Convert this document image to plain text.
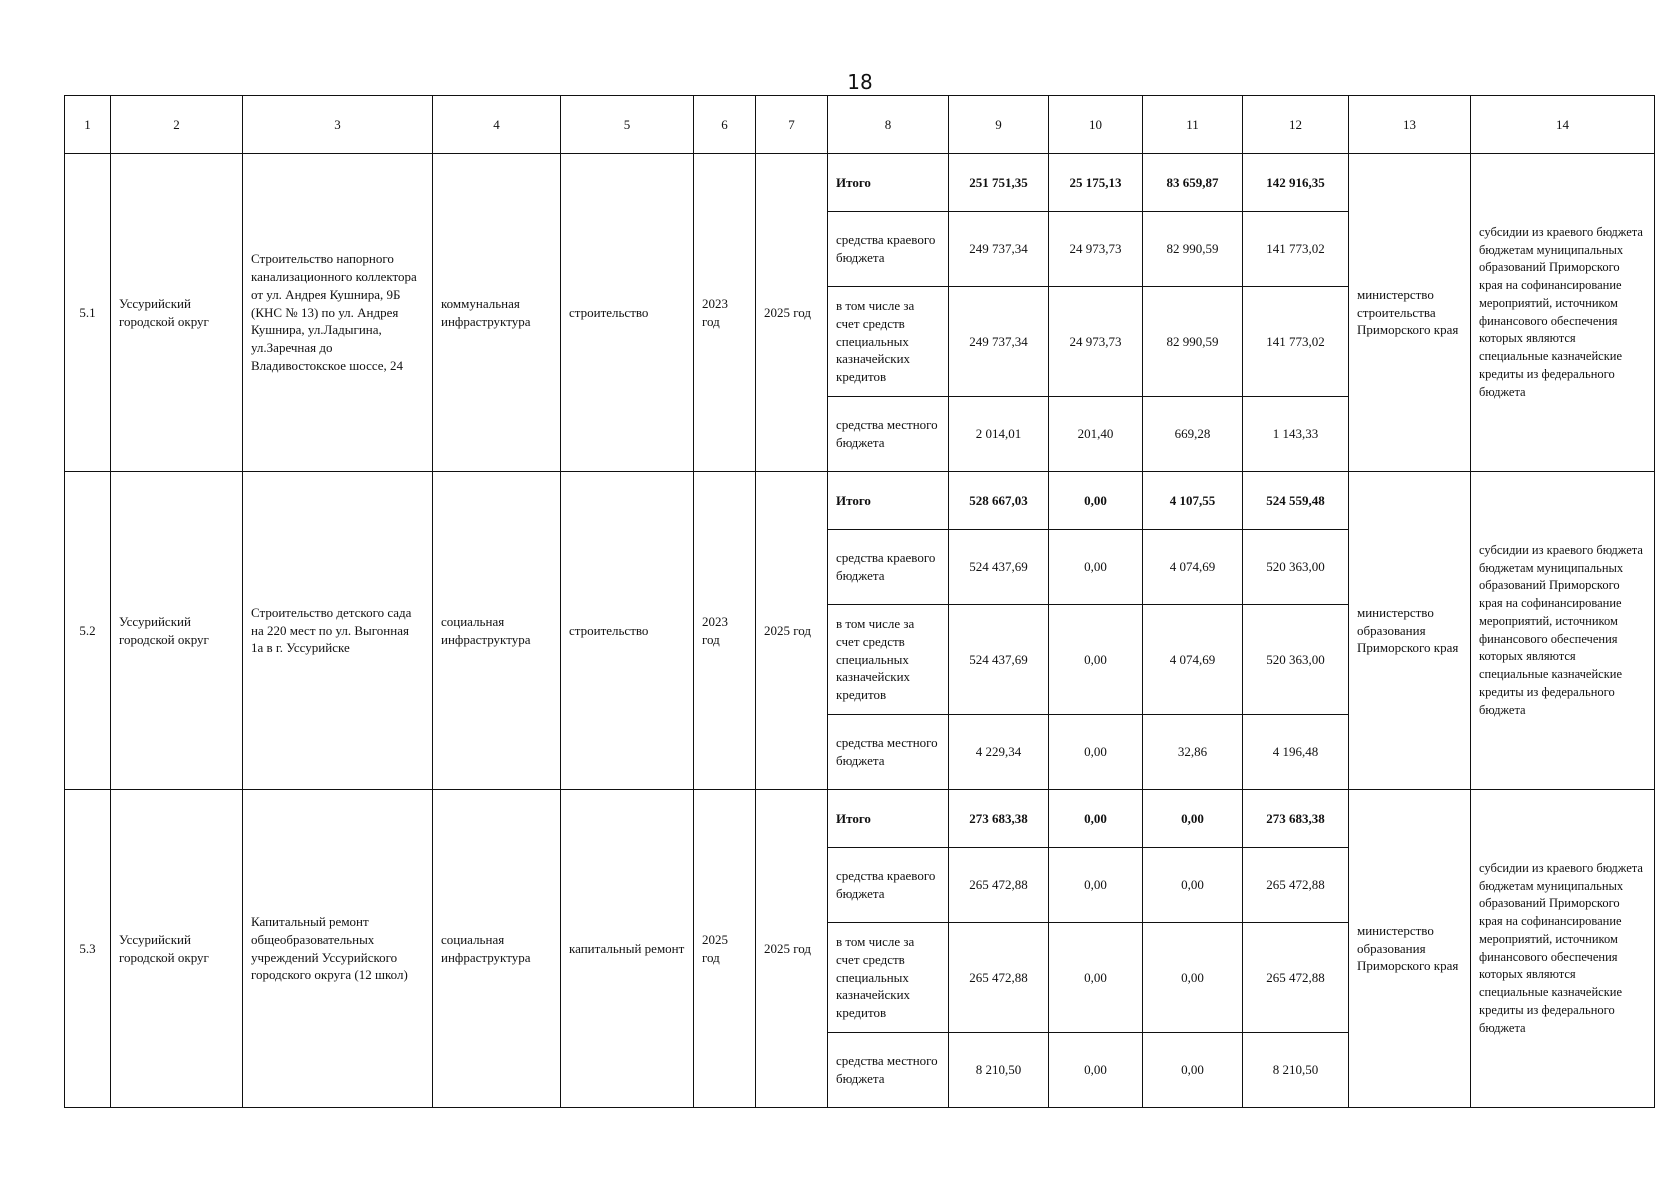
18
1	2	3	4	5	6	7	8	9	10	11	12	13	14
5.1	Уссурийский городской округ	Строительство напорного канализационного коллектора от ул. Андрея Кушнира, 9Б (КНС № 13) по ул. Андрея Кушнира, ул.Ладыгина, ул.Заречная до Владивостокское шоссе, 24	коммунальная инфраструктура	строительство	2023 год	2025 год	Итого	251 751,35	25 175,13	83 659,87	142 916,35	министерство строительства Приморского края	субсидии из краевого бюджета бюджетам муниципальных образований Приморского края на софинансирование мероприятий, источником финансового обеспечения которых являются специальные казначейские кредиты из федерального бюджета
							средства краевого бюджета	249 737,34	24 973,73	82 990,59	141 773,02		
							в том числе за счет средств специальных казначейских кредитов	249 737,34	24 973,73	82 990,59	141 773,02		
							средства местного бюджета	2 014,01	201,40	669,28	1 143,33		
5.2	Уссурийский городской округ	Строительство детского сада на 220 мест по ул. Выгонная 1а в г. Уссурийске	социальная инфраструктура	строительство	2023 год	2025 год	Итого	528 667,03	0,00	4 107,55	524 559,48	министерство образования Приморского края	субсидии из краевого бюджета бюджетам муниципальных образований Приморского края на софинансирование мероприятий, источником финансового обеспечения которых являются специальные казначейские кредиты из федерального бюджета
							средства краевого бюджета	524 437,69	0,00	4 074,69	520 363,00		
							в том числе за счет средств специальных казначейских кредитов	524 437,69	0,00	4 074,69	520 363,00		
							средства местного бюджета	4 229,34	0,00	32,86	4 196,48		
5.3	Уссурийский городской округ	Капитальный ремонт общеобразовательных учреждений Уссурийского городского округа (12 школ)	социальная инфраструктура	капитальный ремонт	2025 год	2025 год	Итого	273 683,38	0,00	0,00	273 683,38	министерство образования Приморского края	субсидии из краевого бюджета бюджетам муниципальных образований Приморского края на софинансирование мероприятий, источником финансового обеспечения которых являются специальные казначейские кредиты из федерального бюджета
							средства краевого бюджета	265 472,88	0,00	0,00	265 472,88		
							в том числе за счет средств специальных казначейских кредитов	265 472,88	0,00	0,00	265 472,88		
							средства местного бюджета	8 210,50	0,00	0,00	8 210,50		
